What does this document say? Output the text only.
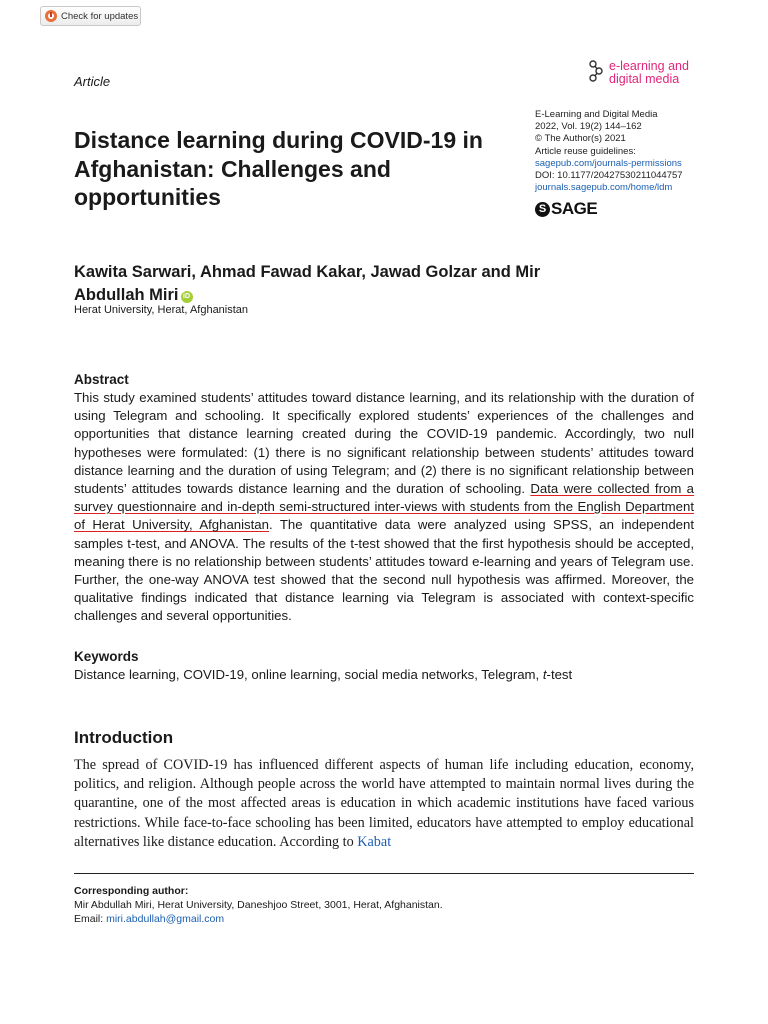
Check for updates
Article
e-learning and
digital media
E-Learning and Digital Media
2022, Vol. 19(2) 144–162
© The Author(s) 2021
Article reuse guidelines:
sagepub.com/journals-permissions
DOI: 10.1177/20427530211044757
journals.sagepub.com/home/ldm
S SAGE
Distance learning during COVID-19 in Afghanistan: Challenges and opportunities

Kawita Sarwari, Ahmad Fawad Kakar, Jawad Golzar and Mir Abdullah Miri iD

Herat University, Herat, Afghanistan
Abstract

This study examined students’ attitudes toward distance learning, and its relationship with the duration of using Telegram and schooling. It specifically explored students’ experiences of the challenges and opportunities that distance learning created during the COVID-19 pandemic. Accordingly, two null hypotheses were formulated: (1) there is no significant relationship between students’ attitudes toward distance learning and the duration of using Telegram; and (2) there is no significant relationship between students’ attitudes towards distance learning and the duration of schooling. Data were collected from a survey questionnaire and in-depth semi-structured inter-views with students from the English Department of Herat University, Afghanistan. The quantitative data were analyzed using SPSS, an independent samples t-test, and ANOVA. The results of the t-test showed that the first hypothesis should be accepted, meaning there is no relationship between students’ attitudes toward e-learning and years of Telegram use. Further, the one-way ANOVA test showed that the second null hypothesis was affirmed. Moreover, the qualitative findings indicated that distance learning via Telegram is associated with context-specific challenges and several opportunities.

Keywords
Distance learning, COVID-19, online learning, social media networks, Telegram, t-test
Introduction

The spread of COVID-19 has influenced different aspects of human life including education, economy, politics, and religion. Although people across the world have attempted to maintain normal lives during the quarantine, one of the most affected areas is education in which academic institutions have faced various restrictions. While face-to-face schooling has been limited, educators have attempted to employ educational alternatives like distance education. According to Kabat

Corresponding author:
Mir Abdullah Miri, Herat University, Daneshjoo Street, 3001, Herat, Afghanistan.
Email: miri.abdullah@gmail.com
